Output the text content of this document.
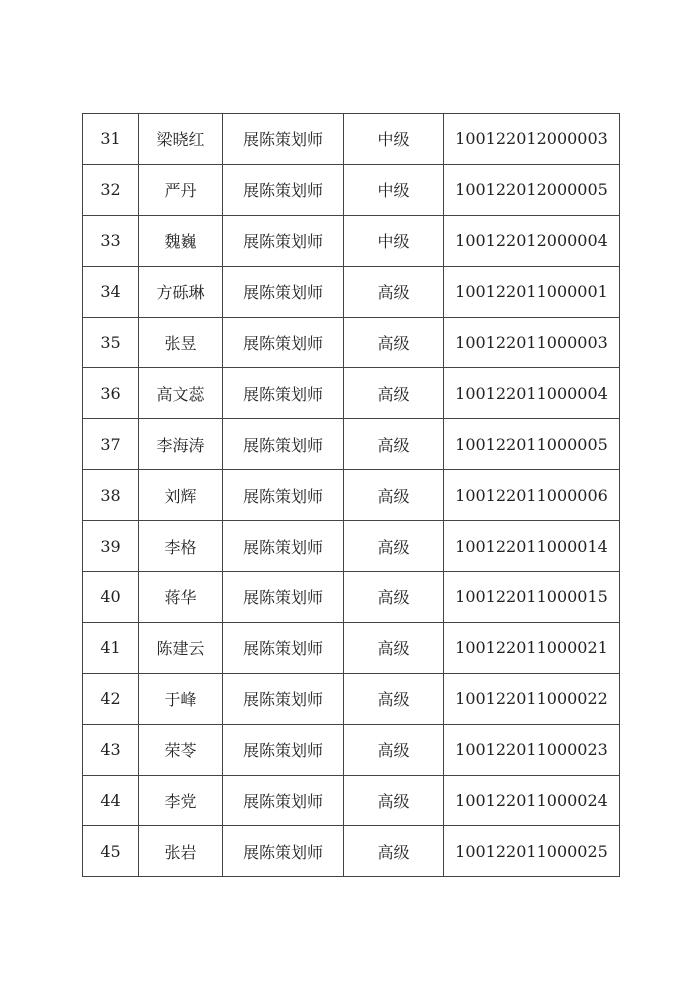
31	梁晓红	展陈策划师	中级	100122012000003
32	严丹	展陈策划师	中级	100122012000005
33	魏巍	展陈策划师	中级	100122012000004
34	方砾琳	展陈策划师	高级	100122011000001
35	张昱	展陈策划师	高级	100122011000003
36	高文蕊	展陈策划师	高级	100122011000004
37	李海涛	展陈策划师	高级	100122011000005
38	刘辉	展陈策划师	高级	100122011000006
39	李格	展陈策划师	高级	100122011000014
40	蒋华	展陈策划师	高级	100122011000015
41	陈建云	展陈策划师	高级	100122011000021
42	于峰	展陈策划师	高级	100122011000022
43	荣苓	展陈策划师	高级	100122011000023
44	李党	展陈策划师	高级	100122011000024
45	张岩	展陈策划师	高级	100122011000025
